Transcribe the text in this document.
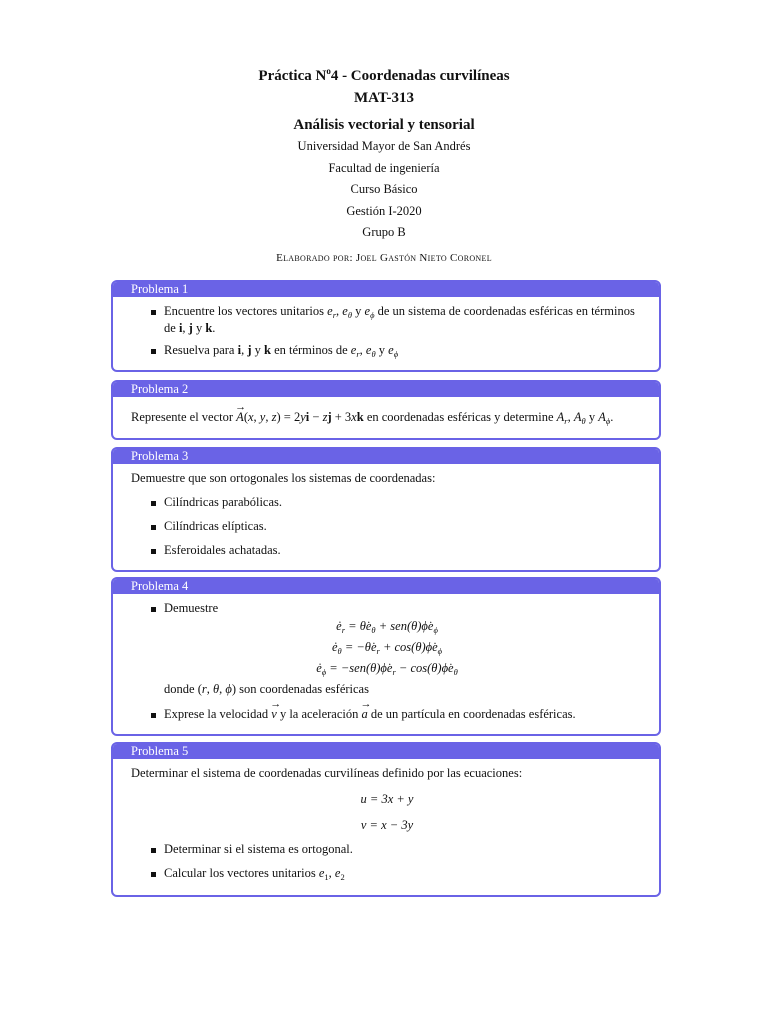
Práctica $N^o4$ - Coordenadas curvilíneas

MAT-313

Análisis vectorial y tensorial

Universidad Mayor de San Andrés

Facultad de ingeniería

Curso Básico

Gestión I-2020

Grupo B

Elaborado por: Joel Gastón Nieto Coronel

Problema 1
Encuentre los vectores unitarios $e_r$, $e_\theta$ y $e_\phi$ de un sistema de coordenadas esféricas en términos de i, j y k.
Resuelva para i, j y k en términos de $e_r$, $e_\theta$ y $e_\phi$
Problema 2

Represente el vector → A(x, y, z) = 2yi − zj + 3xk en coordenadas esféricas y determine $A_r$, $A_\theta$ y $A_\phi$.

Problema 3

Demuestre que son ortogonales los sistemas de coordenadas:

Cilíndricas parabólicas.
Cilíndricas elípticas.
Esferoidales achatadas.
Problema 4
Demuestre
$ė_r$ = $\thetȧe_\theta$ + $sen(\theta)\phi̇e_\phi$
$ė_\theta$ = $-\thetȧe_r$ + $\cos(\theta)\phi̇e_\phi$
$ė_\phi$ = $-sen(\theta)\phi̇e_r$ − $\cos(\theta)\phi̇e_\theta$

donde (r, θ, ϕ) son coordenadas esféricas

Exprese la velocidad → v y la aceleración → a de un partícula en coordenadas esféricas.
Problema 5

Determinar el sistema de coordenadas curvilíneas definido por las ecuaciones:

u = 3x + y
v = x − 3y
Determinar si el sistema es ortogonal.
Calcular los vectores unitarios $e_1$, $e_2$
